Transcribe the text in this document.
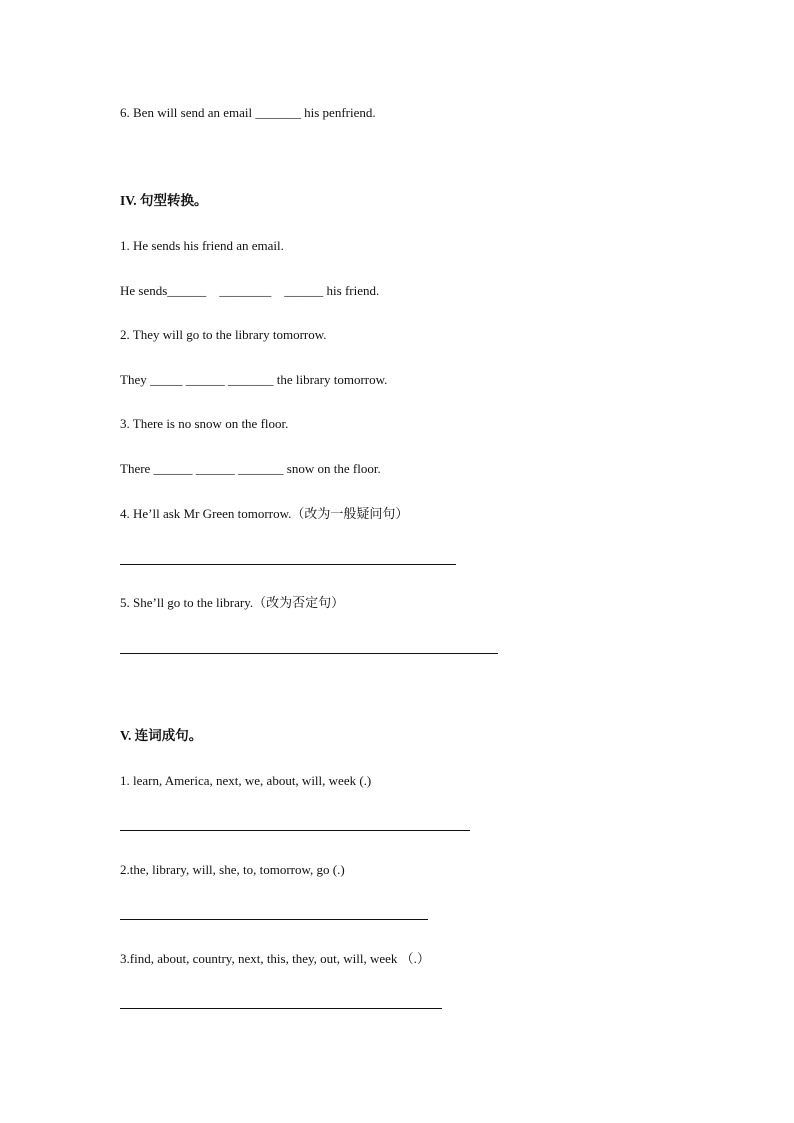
6. Ben will send an email _______ his penfriend.
IV. 句型转换。
1. He sends his friend an email.
He sends______    ________    ______ his friend.
2. They will go to the library tomorrow.
They _____ ______ _______ the library tomorrow.
3. There is no snow on the floor.
There ______ ______ _______ snow on the floor.
4. He’ll ask Mr Green tomorrow.（改为一般疑问句）
5. She’ll go to the library.（改为否定句）
V. 连词成句。
1. learn, America, next, we, about, will, week (.)
2.the, library, will, she, to, tomorrow, go (.)
3.find, about, country, next, this, they, out, will, week （.）
